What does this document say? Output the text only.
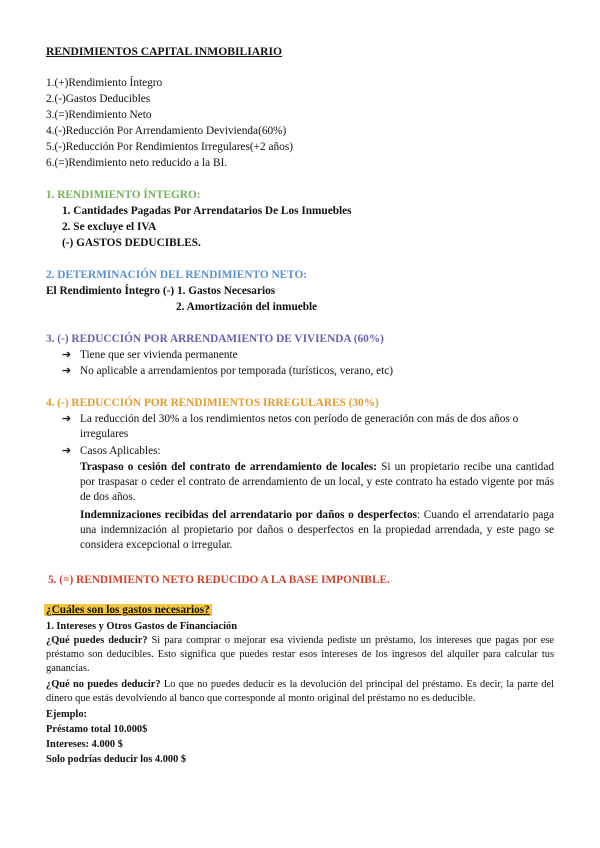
RENDIMIENTOS CAPITAL INMOBILIARIO
1.(+)Rendimiento Íntegro
2.(-)Gastos Deducibles
3.(=)Rendimiento Neto
4.(-)Reducción Por Arrendamiento Devivienda(60%)
5.(-)Reducción Por Rendimientos Irregulares(+2 años)
6.(=)Rendimiento neto reducido a la BI.
1. RENDIMIENTO ÍNTEGRO:
1. Cantidades Pagadas Por Arrendatarios De Los Inmuebles
2. Se excluye el IVA
(-) GASTOS DEDUCIBLES.
2. DETERMINACIÓN DEL RENDIMIENTO NETO:
El Rendimiento Íntegro (-) 1. Gastos Necesarios
2. Amortización del inmueble
3. (-) REDUCCIÓN POR ARRENDAMIENTO DE VIVIENDA (60%)
➔ Tiene que ser vivienda permanente
➔ No aplicable a arrendamientos por temporada (turísticos, verano, etc)
4. (-) REDUCCIÓN POR RENDIMIENTOS IRREGULARES (30%)
➔ La reducción del 30% a los rendimientos netos con período de generación con más de dos años o irregulares
➔ Casos Aplicables:
Traspaso o cesión del contrato de arrendamiento de locales: Si un propietario recibe una cantidad por traspasar o ceder el contrato de arrendamiento de un local, y este contrato ha estado vigente por más de dos años.
Indemnizaciones recibidas del arrendatario por daños o desperfectos: Cuando el arrendatario paga una indemnización al propietario por daños o desperfectos en la propiedad arrendada, y este pago se considera excepcional o irregular.
5. (=) RENDIMIENTO NETO REDUCIDO A LA BASE IMPONIBLE.
¿Cuáles son los gastos necesarios?
1. Intereses y Otros Gastos de Financiación
¿Qué puedes deducir? Si para comprar o mejorar esa vivienda pediste un préstamo, los intereses que pagas por ese préstamo son deducibles. Esto significa que puedes restar esos intereses de los ingresos del alquiler para calcular tus ganancias.
¿Qué no puedes deducir? Lo que no puedes deducir es la devolución del principal del préstamo. Es decir, la parte del dinero que estás devolviendo al banco que corresponde al monto original del préstamo no es deducible.
Ejemplo:
Préstamo total 10.000$
Intereses: 4.000 $
Solo podrías deducir los 4.000 $
